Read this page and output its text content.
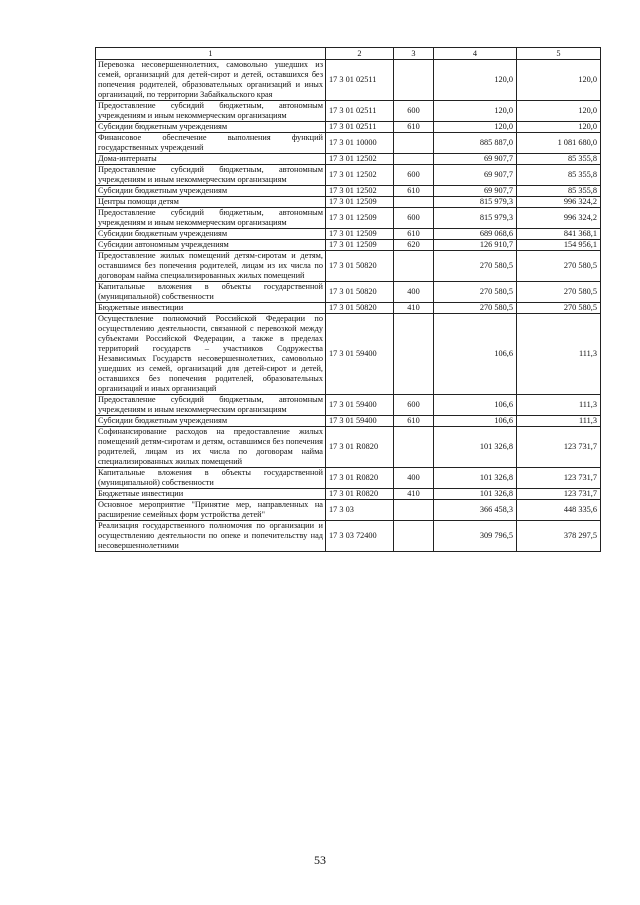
1	2	3	4	5
Перевозка несовершеннолетних, самовольно ушедших из семей, организаций для детей-сирот и детей, оставшихся без попечения родителей, образовательных организаций и иных организаций, по территории Забайкальского края	17 3 01 02511		120,0	120,0
Предоставление субсидий бюджетным, автономным учреждениям и иным некоммерческим организациям	17 3 01 02511	600	120,0	120,0
Субсидии бюджетным учреждениям	17 3 01 02511	610	120,0	120,0
Финансовое обеспечение выполнения функций государственных учреждений	17 3 01 10000		885 887,0	1 081 680,0
Дома-интернаты	17 3 01 12502		69 907,7	85 355,8
Предоставление субсидий бюджетным, автономным учреждениям и иным некоммерческим организациям	17 3 01 12502	600	69 907,7	85 355,8
Субсидии бюджетным учреждениям	17 3 01 12502	610	69 907,7	85 355,8
Центры помощи детям	17 3 01 12509		815 979,3	996 324,2
Предоставление субсидий бюджетным, автономным учреждениям и иным некоммерческим организациям	17 3 01 12509	600	815 979,3	996 324,2
Субсидии бюджетным учреждениям	17 3 01 12509	610	689 068,6	841 368,1
Субсидии автономным учреждениям	17 3 01 12509	620	126 910,7	154 956,1
Предоставление жилых помещений детям-сиротам и детям, оставшимся без попечения родителей, лицам из их числа по договорам найма специализированных жилых помещений	17 3 01 50820		270 580,5	270 580,5
Капитальные вложения в объекты государственной (муниципальной) собственности	17 3 01 50820	400	270 580,5	270 580,5
Бюджетные инвестиции	17 3 01 50820	410	270 580,5	270 580,5
Осуществление полномочий Российской Федерации по осуществлению деятельности, связанной с перевозкой между субъектами Российской Федерации, а также в пределах территорий государств – участников Содружества Независимых Государств несовершеннолетних, самовольно ушедших из семей, организаций для детей-сирот и детей, оставшихся без попечения родителей, образовательных организаций и иных организаций	17 3 01 59400		106,6	111,3
Предоставление субсидий бюджетным, автономным учреждениям и иным некоммерческим организациям	17 3 01 59400	600	106,6	111,3
Субсидии бюджетным учреждениям	17 3 01 59400	610	106,6	111,3
Софинансирование расходов на предоставление жилых помещений детям-сиротам и детям, оставшимся без попечения родителей, лицам из их числа по договорам найма специализированных жилых помещений	17 3 01 R0820		101 326,8	123 731,7
Капитальные вложения в объекты государственной (муниципальной) собственности	17 3 01 R0820	400	101 326,8	123 731,7
Бюджетные инвестиции	17 3 01 R0820	410	101 326,8	123 731,7
Основное мероприятие "Принятие мер, направленных на расширение семейных форм устройства детей"	17 3 03		366 458,3	448 335,6
Реализация государственного полномочия по организации и осуществлению деятельности по опеке и попечительству над несовершеннолетними	17 3 03 72400		309 796,5	378 297,5
53
